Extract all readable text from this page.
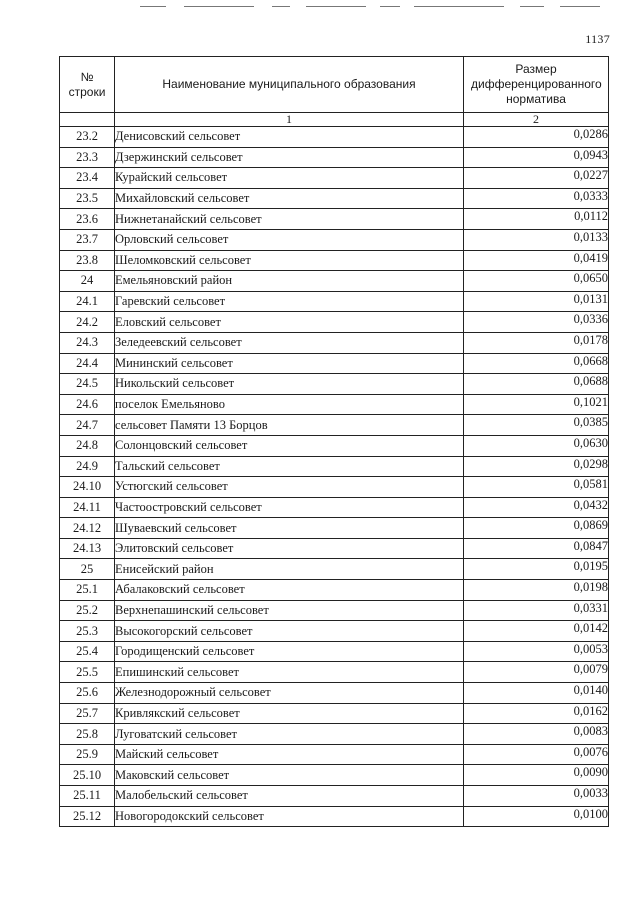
1137
№ строки	Наименование муниципального образования	Размер дифференцированного норматива
	1	2
23.2	Денисовский сельсовет	0,0286
23.3	Дзержинский сельсовет	0,0943
23.4	Курайский сельсовет	0,0227
23.5	Михайловский сельсовет	0,0333
23.6	Нижнетанайский сельсовет	0,0112
23.7	Орловский сельсовет	0,0133
23.8	Шеломковский сельсовет	0,0419
24	Емельяновский район	0,0650
24.1	Гаревский сельсовет	0,0131
24.2	Еловский сельсовет	0,0336
24.3	Зеледеевский сельсовет	0,0178
24.4	Мининский сельсовет	0,0668
24.5	Никольский сельсовет	0,0688
24.6	поселок Емельяново	0,1021
24.7	сельсовет Памяти 13 Борцов	0,0385
24.8	Солонцовский сельсовет	0,0630
24.9	Тальский сельсовет	0,0298
24.10	Устюгский сельсовет	0,0581
24.11	Частоостровский сельсовет	0,0432
24.12	Шуваевский сельсовет	0,0869
24.13	Элитовский сельсовет	0,0847
25	Енисейский район	0,0195
25.1	Абалаковский сельсовет	0,0198
25.2	Верхнепашинский сельсовет	0,0331
25.3	Высокогорский сельсовет	0,0142
25.4	Городищенский сельсовет	0,0053
25.5	Епишинский сельсовет	0,0079
25.6	Железнодорожный сельсовет	0,0140
25.7	Кривлякский сельсовет	0,0162
25.8	Луговатский сельсовет	0,0083
25.9	Майский сельсовет	0,0076
25.10	Маковский сельсовет	0,0090
25.11	Малобельский сельсовет	0,0033
25.12	Новогородокский сельсовет	0,0100
